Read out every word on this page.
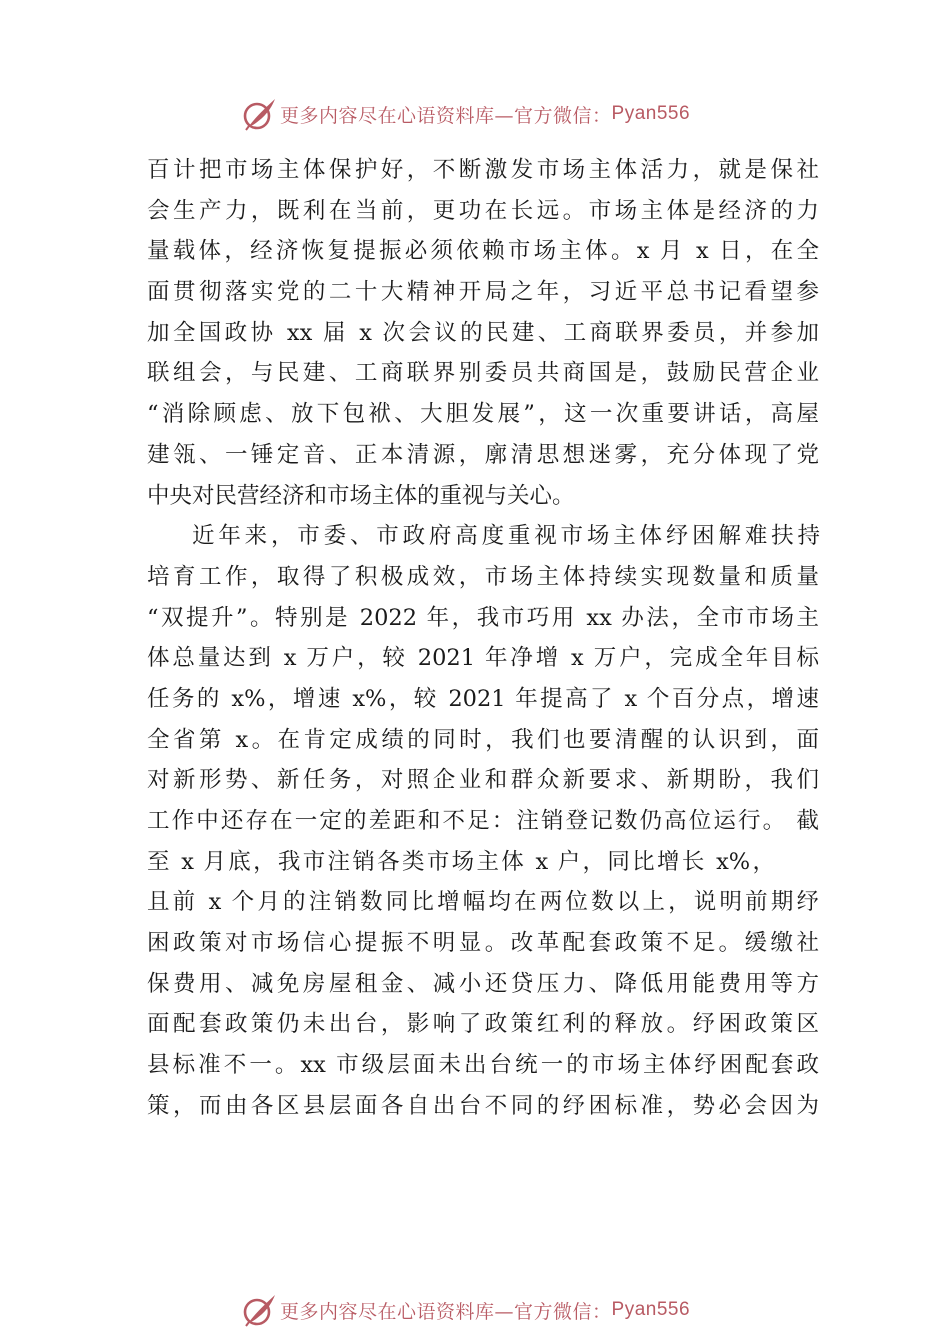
更多内容尽在心语资料库—官方微信： Pyan556
百计把市场主体保护好，不断激发市场主体活力，就是保社
会生产力，既利在当前，更功在长远。市场主体是经济的力
量载体，经济恢复提振必须依赖市场主体。x 月 x 日，在全
面贯彻落实党的二十大精神开局之年，习近平总书记看望参
加全国政协 xx 届 x 次会议的民建、工商联界委员，并参加
联组会，与民建、工商联界别委员共商国是，鼓励民营企业
“消除顾虑、放下包袱、大胆发展”，这一次重要讲话，高屋
建瓴、一锤定音、正本清源，廓清思想迷雾，充分体现了党
中央对民营经济和市场主体的重视与关心。
近年来，市委、市政府高度重视市场主体纾困解难扶持
培育工作，取得了积极成效，市场主体持续实现数量和质量
“双提升”。特别是 2022 年，我市巧用 xx 办法，全市市场主
体总量达到 x 万户，较 2021 年净增 x 万户，完成全年目标
任务的 x%，增速 x%，较 2021 年提高了 x 个百分点，增速
全省第 x。在肯定成绩的同时，我们也要清醒的认识到，面
对新形势、新任务，对照企业和群众新要求、新期盼，我们
工作中还存在一定的差距和不足：注销登记数仍高位运行。 截
至 x 月底，我市注销各类市场主体 x 户，同比增长 x%，
且前 x 个月的注销数同比增幅均在两位数以上，说明前期纾
困政策对市场信心提振不明显。改革配套政策不足。缓缴社
保费用、减免房屋租金、减小还贷压力、降低用能费用等方
面配套政策仍未出台，影响了政策红利的释放。纾困政策区
县标准不一。xx 市级层面未出台统一的市场主体纾困配套政
策，而由各区县层面各自出台不同的纾困标准，势必会因为
更多内容尽在心语资料库—官方微信： Pyan556
